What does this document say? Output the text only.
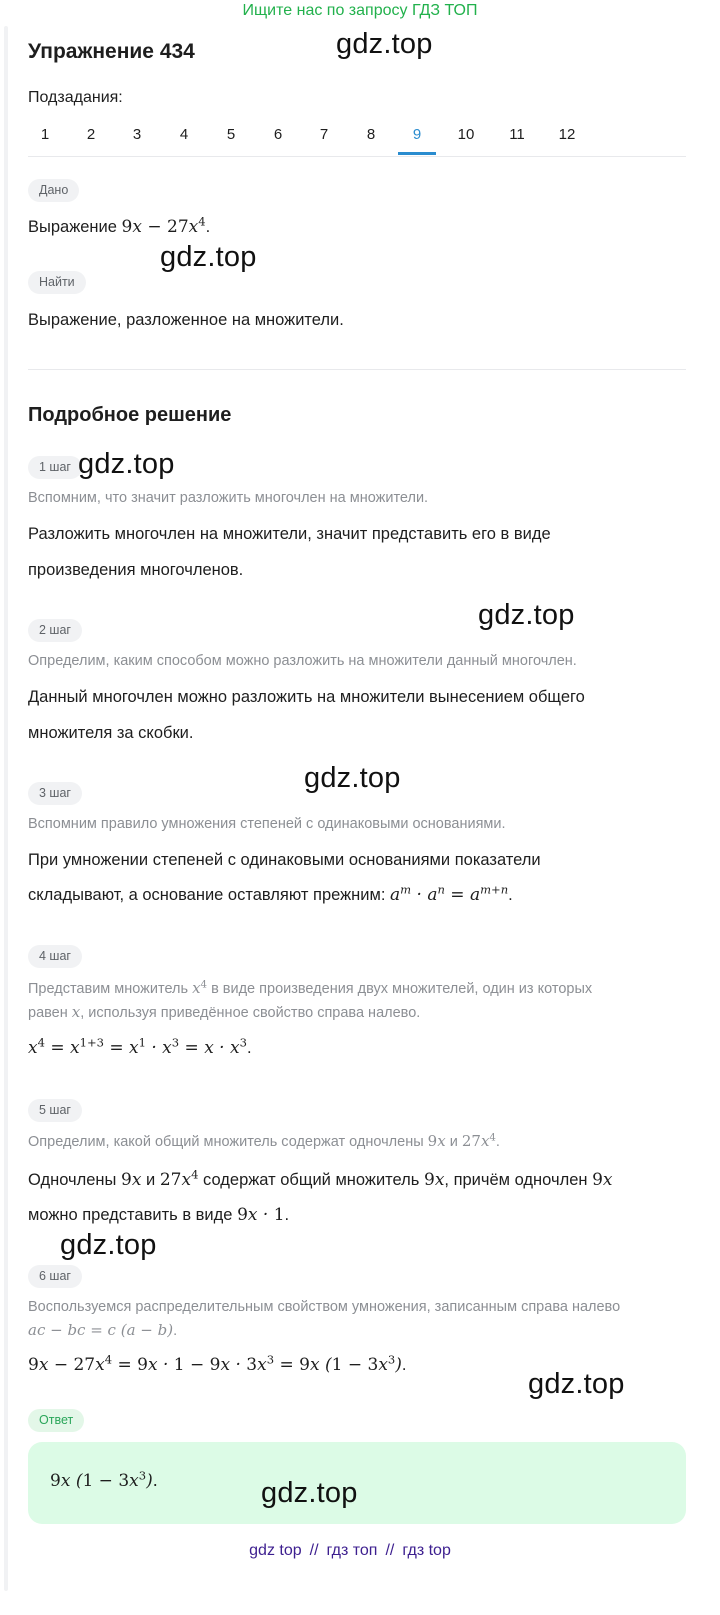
Ищите нас по запросу ГДЗ ТОП
Упражнение 434	gdz.top
Подзадания:
1	2	3	4	5	6	7	8	9	10	11	12
Дано
Выражение $9x - 27x^4$.
gdz.top
Найти
Выражение, разложенное на множители.
Подробное решение
1 шаг gdz.top
Вспомним, что значит разложить многочлен на множители.
Разложить многочлен на множители, значит представить его в виде
произведения многочленов.
gdz.top
2 шаг
Определим, каким способом можно разложить на множители данный многочлен.
Данный многочлен можно разложить на множители вынесением общего
множителя за скобки.
gdz.top
3 шаг
Вспомним правило умножения степеней с одинаковыми основаниями.
При умножении степеней с одинаковыми основаниями показатели
складывают, а основание оставляют прежним: $a^m \cdot a^n = a^{m+n}$.
4 шаг
Представим множитель $x^4$ в виде произведения двух множителей, один из которых
равен x, используя приведённое свойство справа налево.
$x^4 = x^{1+3} = x^1 \cdot x^3 = x \cdot x^3$.
5 шаг
Определим, какой общий множитель содержат одночлены 9x и $27x^4$.
Одночлены 9x и $27x^4$ содержат общий множитель 9x, причём одночлен 9x
можно представить в виде 9x · 1.
gdz.top
6 шаг
Воспользуемся распределительным свойством умножения, записанным справа налево
ac − bc = c (a − b).
$9x - 27x^4 = 9x \cdot 1 - 9x \cdot 3x^3 = 9x$ $(1 - 3x^3)$.
gdz.top
Ответ
9x $(1 - 3x^3)$.	gdz.top
gdz top // гдз топ // гдз top
